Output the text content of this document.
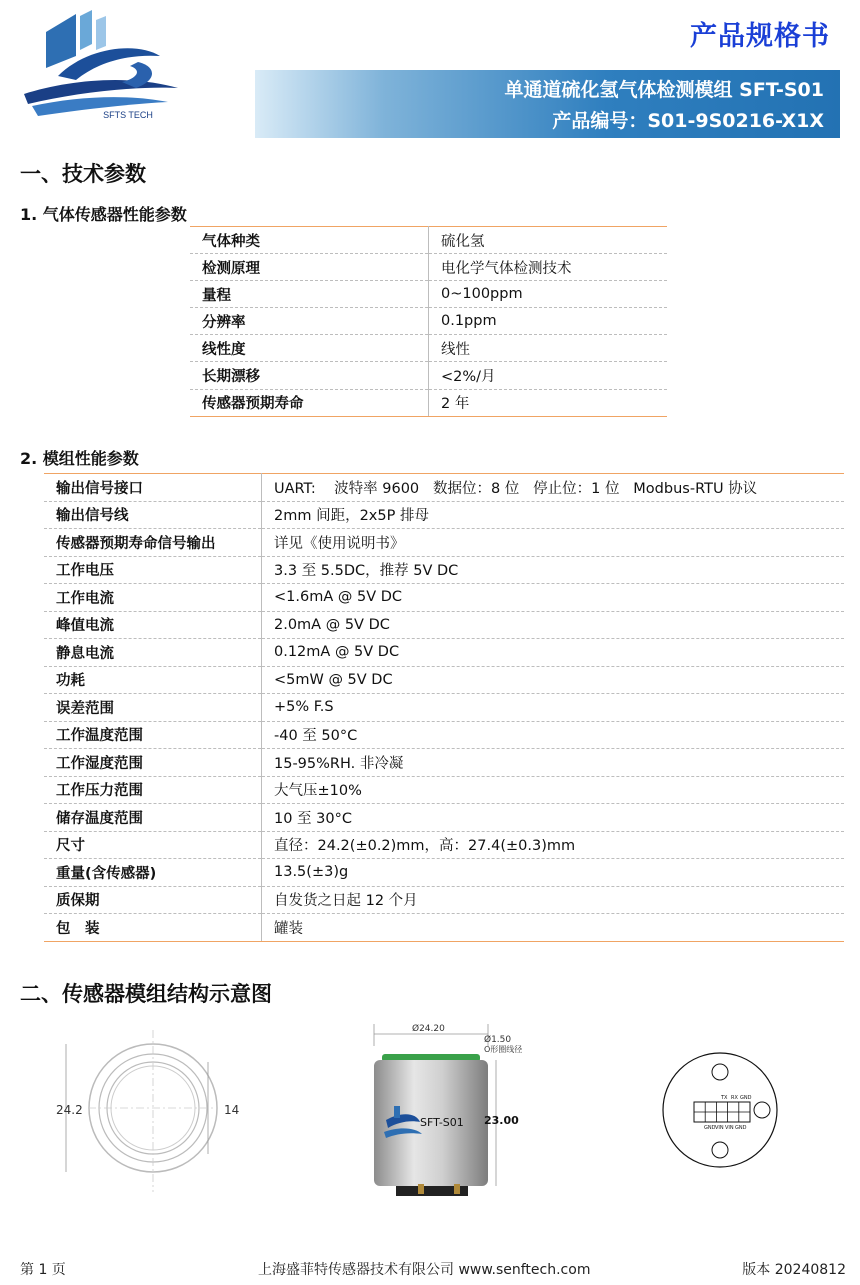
SFTS TECH
产品规格书
单通道硫化氢气体检测模组 SFT-S01
产品编号：S01-9S0216-X1X
一、技术参数
1. 气体传感器性能参数
气体种类	硫化氢
检测原理	电化学气体检测技术
量程	0~100ppm
分辨率	0.1ppm
线性度	线性
长期漂移	<2%/月
传感器预期寿命	2 年
2. 模组性能参数
输出信号接口	UART:    波特率 9600   数据位：8 位   停止位：1 位   Modbus-RTU 协议
输出信号线	2mm 间距，2x5P 排母
传感器预期寿命信号输出	详见《使用说明书》
工作电压	3.3 至 5.5DC，推荐 5V DC
工作电流	<1.6mA @ 5V DC
峰值电流	2.0mA @ 5V DC
静息电流	0.12mA @ 5V DC
功耗	<5mW @ 5V DC
误差范围	+5% F.S
工作温度范围	-40 至 50°C
工作湿度范围	15-95%RH. 非冷凝
工作压力范围	大气压±10%
储存温度范围	10 至 30°C
尺寸	直径：24.2(±0.2)mm，高：27.4(±0.3)mm
重量(含传感器)	13.5(±3)g
质保期	自发货之日起 12 个月
包　装	罐装
二、传感器模组结构示意图
24.2	14
Ø24.20
Ø1.50
O形圈线径
SFT-S01 23.00
TX RX GND
GND VIN VIN GND
第 1 页	上海盛菲特传感器技术有限公司 www.senftech.com	版本 20240812
